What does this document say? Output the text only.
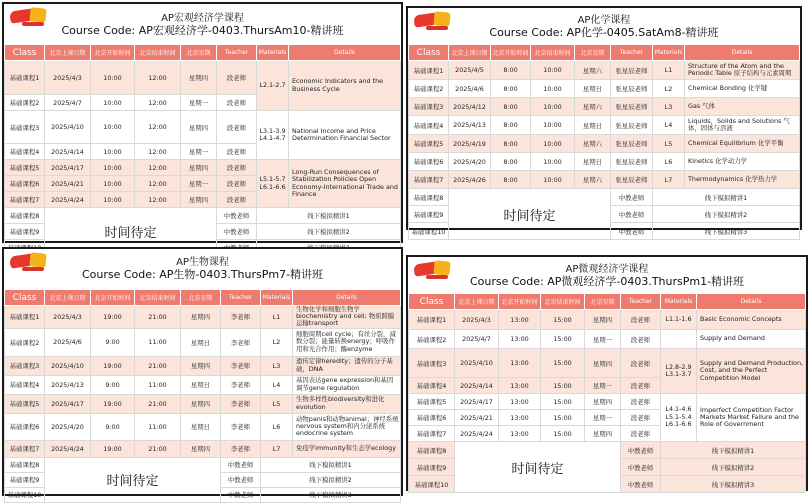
AP宏观经济学课程
Course Code: AP宏观经济学-0403.ThursAm10-精讲班
Class	北京上课日期	北京开始时间	北京结束时间	北京星期	Teacher	Materials	Details
基础课程1	2025/4/3	10:00	12:00	星期四	段老师	L2.1-2.7	Economic Indicators and the Business Cycle
基础课程2	2025/4/7	10:00	12:00	星期一	段老师		
基础课程3	2025/4/10	10:00	12:00	星期四	段老师	L3.1-3.9 L4.1-4.7	National Income and Price Determination Financial Sector
基础课程4	2025/4/14	10:00	12:00	星期一	段老师		
基础课程5	2025/4/17	10:00	12:00	星期四	段老师	L5.1-5.7 L6.1-6.6	Long-Run Consequences of Stabilization Policies Open Economy-International Trade and Finance
基础课程6	2025/4/21	10:00	12:00	星期一	段老师		
基础课程7	2025/4/24	10:00	12:00	星期四	段老师		
基础课程8	时间待定				中教老师	线下模拟精讲1	
基础课程9					中教老师	线下模拟精讲2	

AP化学课程
Course Code: AP化学-0405.SatAm8-精讲班
Class	北京上课日期	北京开始时间	北京结束时间	北京星期	Teacher	Materials	Details
基础课程1	2025/4/5	8:00	10:00	星期六	张星辰老师	L1	Structure of the Atom and the Periodic Table 原子结构与元素周期
基础课程2	2025/4/6	8:00	10:00	星期日	张星辰老师	L2	Chemical Bonding 化学键
基础课程3	2025/4/12	8:00	10:00	星期六	张星辰老师	L3	Gas 气体
基础课程4	2025/4/13	8:00	10:00	星期日	张星辰老师	L4	Liquids，Solids and Solutions 气体，固体与溶液
基础课程5	2025/4/19	8:00	10:00	星期六	张星辰老师	L5	Chemical Equilibrium 化学平衡
基础课程6	2025/4/20	8:00	10:00	星期日	张星辰老师	L6	Kinetics 化学动力学
基础课程7	2025/4/26	8:00	10:00	星期六	张星辰老师	L7	Thermodynamics 化学热力学
基础课程8	时间待定				中教老师	线下模拟精讲1	
基础课程9					中教老师	线下模拟精讲2	
基础课程10					中教老师	线下模拟精讲3	
AP生物课程
Course Code: AP生物-0403.ThursPm7-精讲班
Class	北京上课日期	北京开始时间	北京结束时间	北京星期	Teacher	Materials	Details
基础课程1	2025/4/3	19:00	21:00	星期四	李老师	L1	生物化学和细胞生物学biochemistry and cell; 物质跨膜运输transport
基础课程2	2025/4/6	9:00	11:00	星期日	李老师	L2	细胞周期cell cycle；有丝分裂，减数分裂；能量转换energy；呼吸作用和光合作用；酶enzyme
基础课程3	2025/4/10	19:00	21:00	星期四	李老师	L3	遗传定律heredity；遗传的分子基础，DNA
基础课程4	2025/4/13	9:00	11:00	星期日	李老师	L4	基因表达gene expression和基因调节gene regulation
基础课程5	2025/4/17	19:00	21:00	星期四	李老师	L5	生物多样性biodiversity和进化evolution
基础课程6	2025/4/20	9:00	11:00	星期日	李老师	L6	动物panis和动物animal；神经系统nervous system和内分泌系统endocrine system
基础课程7	2025/4/24	19:00	21:00	星期四	李老师	L7	免疫学immunity和生态学ecology
基础课程8	时间待定				中教老师	线下模拟精讲1	
基础课程9					中教老师	线下模拟精讲2	
基础课程10					中教老师	线下模拟精讲3	
AP微观经济学课程
Course Code: AP微观经济学-0403.ThursPm1-精讲班
Class	北京上课日期	北京开始时间	北京结束时间	北京星期	Teacher	Materials	Details
基础课程1	2025/4/3	13:00	15:00	星期四	段老师	L1.1-1.6	Basic Economic Concepts
基础课程2	2025/4/7	13:00	15:00	星期一	段老师		Supply and Demand
基础课程3	2025/4/10	13:00	15:00	星期四	段老师	L2.8-2.9 L3.1-3.7	Supply and Demand Production, Cost, and the Perfect Competition Model
基础课程4	2025/4/14	13:00	15:00	星期一	段老师		
基础课程5	2025/4/17	13:00	15:00	星期四	段老师	L4.1-4.6 L5.1-5.4 L6.1-6.6	Imperfect Competition Factor Markets Market Failure and the Role of Government
基础课程6	2025/4/21	13:00	15:00	星期一	段老师		
基础课程7	2025/4/24	13:00	15:00	星期四	段老师		
基础课程8	时间待定				中教老师	线下模拟精讲1	
基础课程9					中教老师	线下模拟精讲2	
基础课程10					中教老师	线下模拟精讲3	
